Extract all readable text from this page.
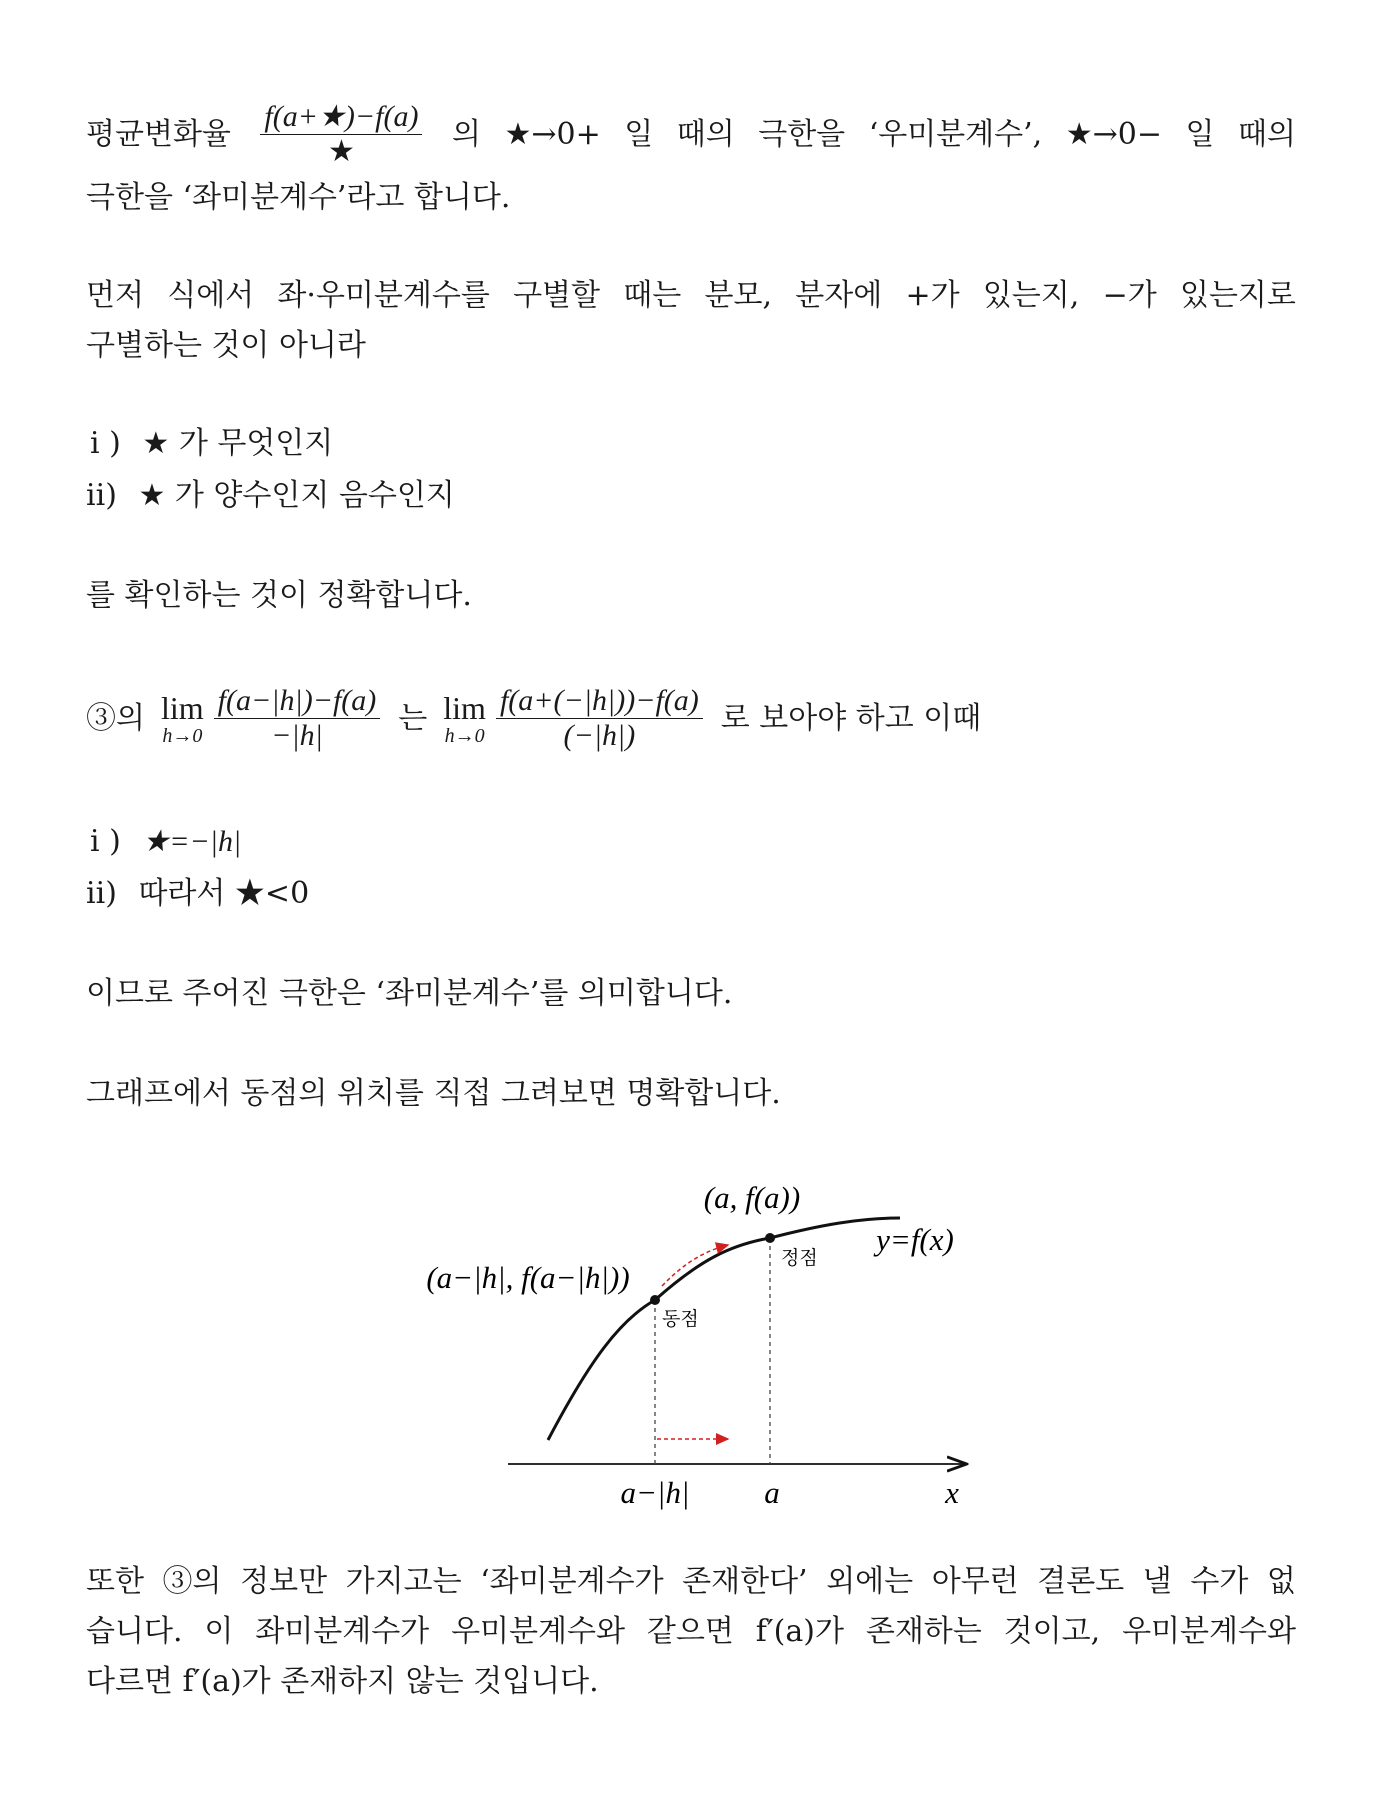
평균변화율 $\frac{f(a+★)-f(a)}{★}$ 의 ★→0+ 일 때의 극한을 ‘우미분계수’, ★→0− 일 때의
극한을 ‘좌미분계수’라고 합니다.
먼저 식에서 좌·우미분계수를 구별할 때는 분모, 분자에 +가 있는지, −가 있는지로
구별하는 것이 아니라
i ) ★ 가 무엇인지
ii) ★ 가 양수인지 음수인지
를 확인하는 것이 정확합니다.
③의 lim
$h\to 0 \frac{f(a-|h|)-f(a)}{-|h|}$ 는 lim
$h\to 0 \frac{f(a+(-|h|))-f(a)}{(-|h|)}$ 로 보아야 하고 이때
i ) ★=−|h|
ii) 따라서 ★<0
이므로 주어진 극한은 ‘좌미분계수’를 의미합니다.
그래프에서 동점의 위치를 직접 그려보면 명확합니다.
(a, f(a))
정점
y=f(x)
(a−|h|, f(a−|h|))
동점
a−|h| a	x
또한 ③의 정보만 가지고는 ‘좌미분계수가 존재한다’ 외에는 아무런 결론도 낼 수가 없
습니다. 이 좌미분계수가 우미분계수와 같으면 f′(a)가 존재하는 것이고, 우미분계수와
다르면 f′(a)가 존재하지 않는 것입니다.
